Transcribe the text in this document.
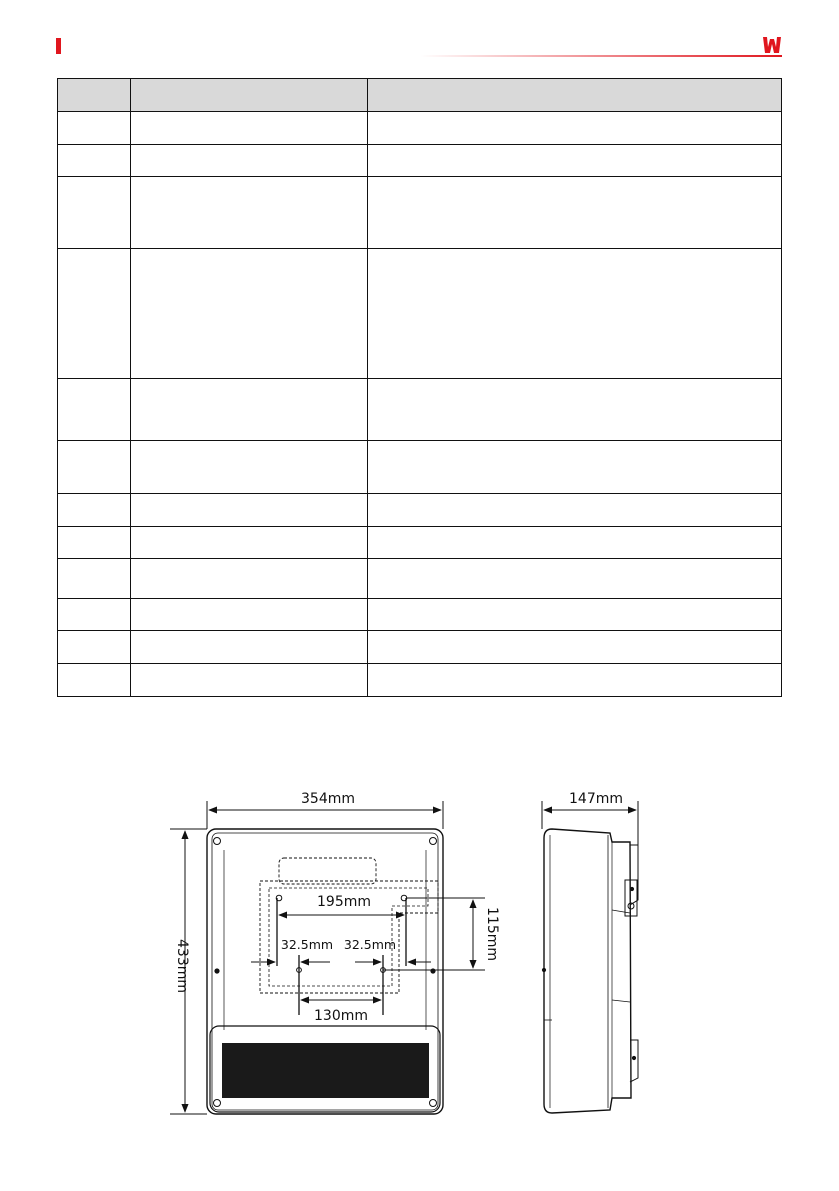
354mm
433mm
195mm
115mm
32.5mm 32.5mm
130mm
147mm
